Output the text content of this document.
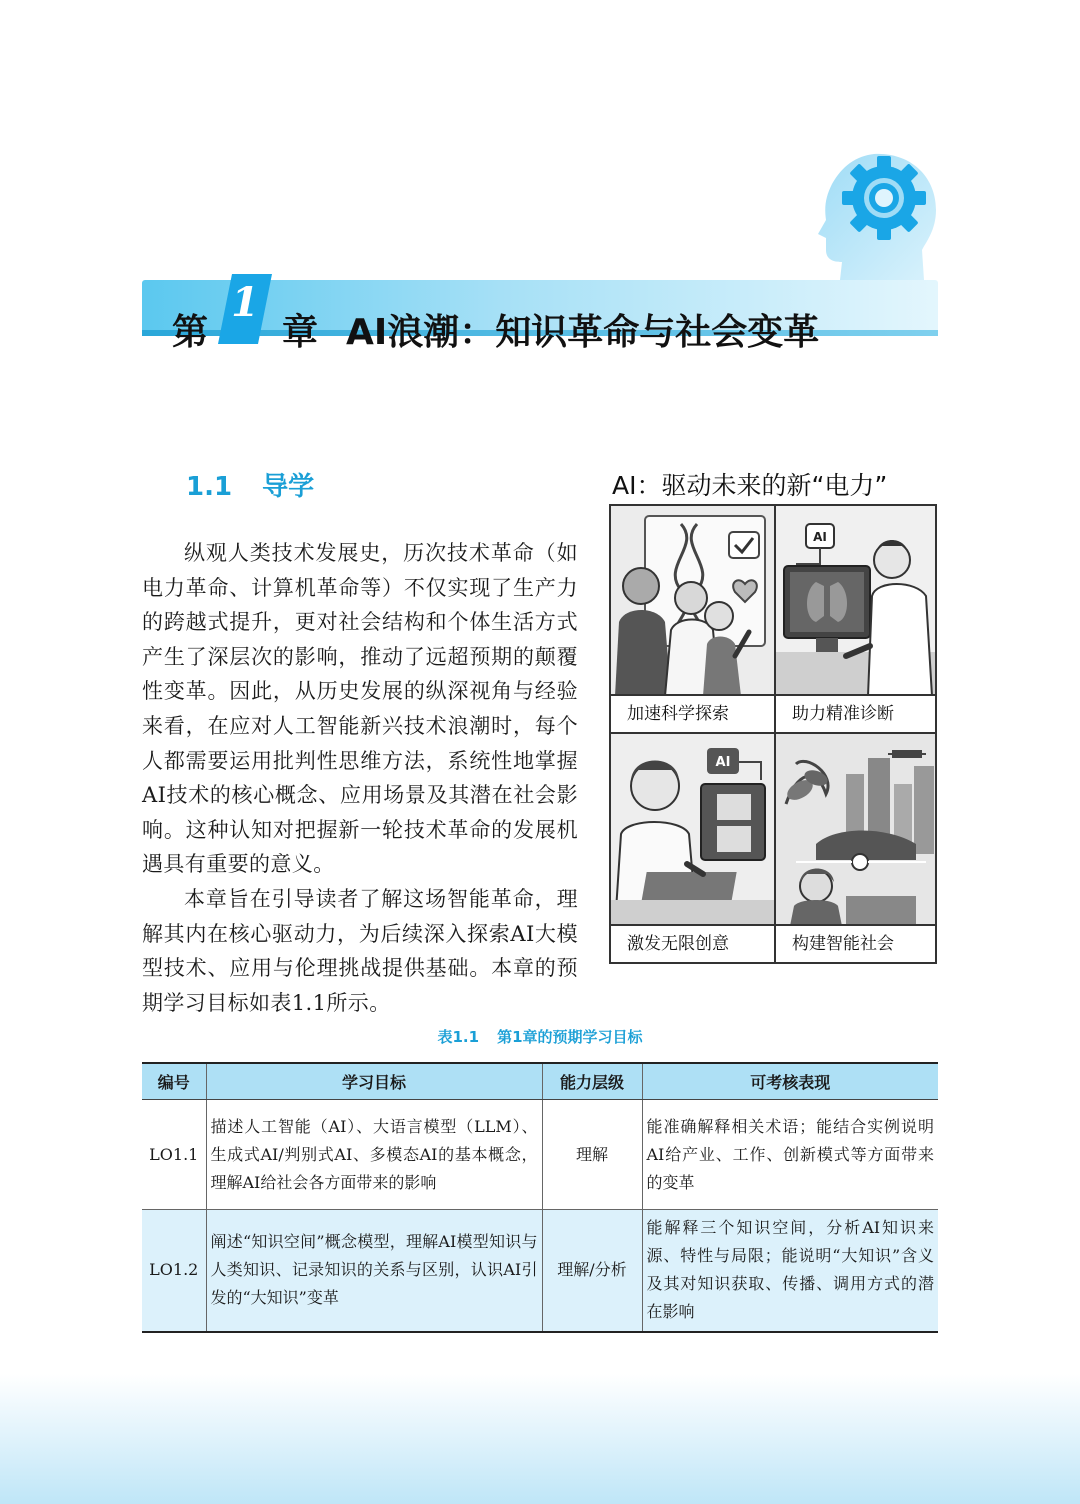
第
1
章 AI浪潮：知识革命与社会变革
1.1 导学

纵观人类技术发展史，历次技术革命（如电力革命、计算机革命等）不仅实现了生产力的跨越式提升，更对社会结构和个体生活方式产生了深层次的影响，推动了远超预期的颠覆性变革。因此，从历史发展的纵深视角与经验来看，在应对人工智能新兴技术浪潮时，每个人都需要运用批判性思维方法，系统性地掌握AI技术的核心概念、应用场景及其潜在社会影响。这种认知对把握新一轮技术革命的发展机遇具有重要的意义。

本章旨在引导读者了解这场智能革命，理解其内在核心驱动力，为后续深入探索AI大模型技术、应用与伦理挑战提供基础。本章的预期学习目标如表1.1所示。

AI：驱动未来的新“电力”
加速科学探索
AI
助力精准诊断
AI
激发无限创意	构建智能社会
表1.1 第1章的预期学习目标
编号	学习目标	能力层级	可考核表现
LO1.1	描述人工智能（AI）、大语言模型（LLM）、生成式AI/判别式AI、多模态AI的基本概念，理解AI给社会各方面带来的影响	理解	能准确解释相关术语；能结合实例说明AI给产业、工作、创新模式等方面带来的变革
LO1.2	阐述“知识空间”概念模型，理解AI模型知识与人类知识、记录知识的关系与区别，认识AI引发的“大知识”变革	理解/分析	能解释三个知识空间，分析AI知识来源、特性与局限；能说明“大知识”含义及其对知识获取、传播、调用方式的潜在影响
